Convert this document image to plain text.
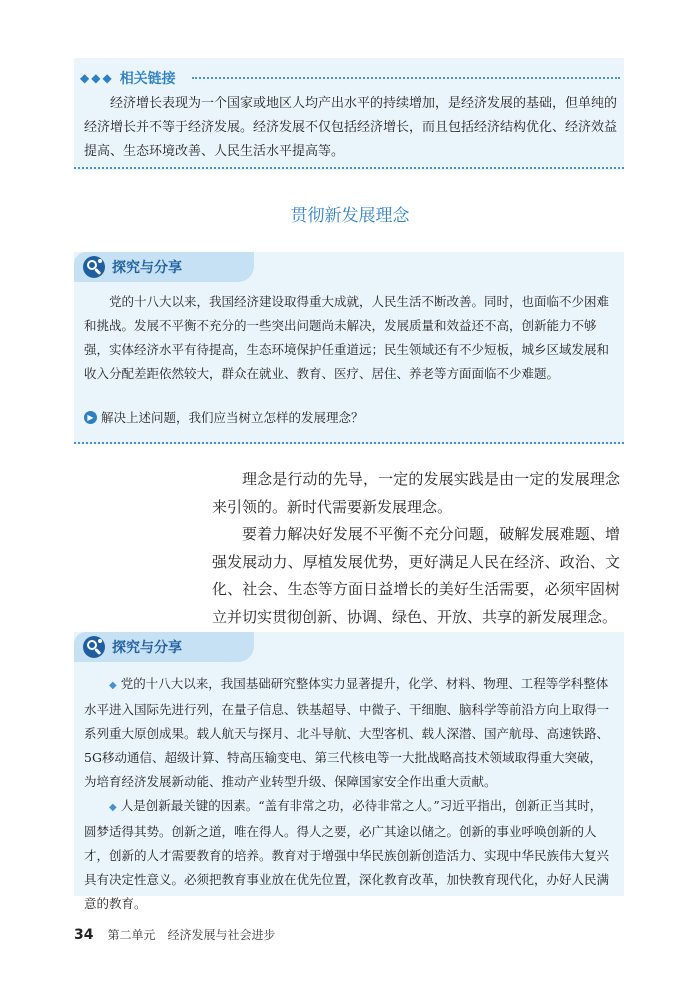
◆◆◆ 相关链接

经济增长表现为一个国家或地区人均产出水平的持续增加，是经济发展的基础，但单纯的经济增长并不等于经济发展。经济发展不仅包括经济增长，而且包括经济结构优化、经济效益提高、生态环境改善、人民生活水平提高等。

贯彻新发展理念
探究与分享

党的十八大以来，我国经济建设取得重大成就，人民生活不断改善。同时，也面临不少困难和挑战。发展不平衡不充分的一些突出问题尚未解决，发展质量和效益还不高，创新能力不够强，实体经济水平有待提高，生态环境保护任重道远；民生领域还有不少短板，城乡区域发展和收入分配差距依然较大，群众在就业、教育、医疗、居住、养老等方面面临不少难题。

▶ 解决上述问题，我们应当树立怎样的发展理念？

理念是行动的先导，一定的发展实践是由一定的发展理念来引领的。新时代需要新发展理念。

要着力解决好发展不平衡不充分问题，破解发展难题、增强发展动力、厚植发展优势，更好满足人民在经济、政治、文化、社会、生态等方面日益增长的美好生活需要，必须牢固树立并切实贯彻创新、协调、绿色、开放、共享的新发展理念。

探究与分享

◆ 党的十八大以来，我国基础研究整体实力显著提升，化学、材料、物理、工程等学科整体水平进入国际先进行列，在量子信息、铁基超导、中微子、干细胞、脑科学等前沿方向上取得一系列重大原创成果。载人航天与探月、北斗导航、大型客机、载人深潜、国产航母、高速铁路、5G移动通信、超级计算、特高压输变电、第三代核电等一大批战略高技术领域取得重大突破，为培育经济发展新动能、推动产业转型升级、保障国家安全作出重大贡献。

◆ 人是创新最关键的因素。“盖有非常之功，必待非常之人。”习近平指出，创新正当其时，圆梦适得其势。创新之道，唯在得人。得人之要，必广其途以储之。创新的事业呼唤创新的人才，创新的人才需要教育的培养。教育对于增强中华民族创新创造活力、实现中华民族伟大复兴具有决定性意义。必须把教育事业放在优先位置，深化教育改革，加快教育现代化，办好人民满意的教育。

34 第二单元　经济发展与社会进步
